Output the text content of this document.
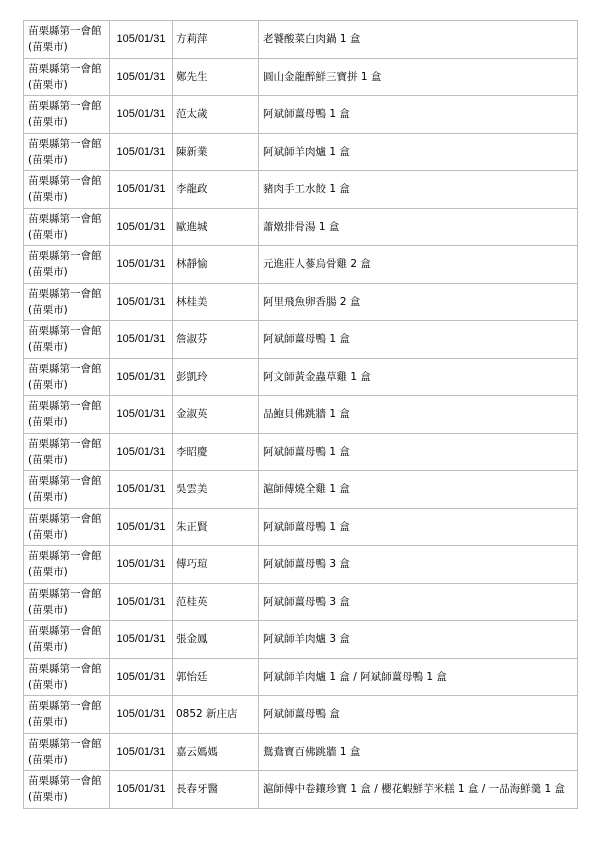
苗栗縣第一會館
(苗栗市)	105/01/31	方莉萍	老饕酸菜白肉鍋 1 盒

苗栗縣第一會館
(苗栗市)	105/01/31	鄭先生	圓山金龍醉鮮三寶拼 1 盒

苗栗縣第一會館
(苗栗市)	105/01/31	范太歲	阿斌師薑母鴨 1 盒

苗栗縣第一會館
(苗栗市)	105/01/31	陳新業	阿斌師羊肉爐 1 盒

苗栗縣第一會館
(苗栗市)	105/01/31	李龍政	豬肉手工水餃 1 盒

苗栗縣第一會館
(苗栗市)	105/01/31	歐進城	蕭燉排骨湯 1 盒

苗栗縣第一會館
(苗栗市)	105/01/31	林靜愉	元進莊人蔘烏骨雞 2 盒

苗栗縣第一會館
(苗栗市)	105/01/31	林桂美	阿里飛魚卵香腸 2 盒

苗栗縣第一會館
(苗栗市)	105/01/31	詹淑芬	阿斌師薑母鴨 1 盒

苗栗縣第一會館
(苗栗市)	105/01/31	彭凱玲	阿文師黃金蟲草雞 1 盒

苗栗縣第一會館
(苗栗市)	105/01/31	金淑英	品鮑貝佛跳牆 1 盒

苗栗縣第一會館
(苗栗市)	105/01/31	李昭慶	阿斌師薑母鴨 1 盒

苗栗縣第一會館
(苗栗市)	105/01/31	吳雲美	滬師傅燒全雞 1 盒

苗栗縣第一會館
(苗栗市)	105/01/31	朱正賢	阿斌師薑母鴨 1 盒

苗栗縣第一會館
(苗栗市)	105/01/31	傅巧瑄	阿斌師薑母鴨 3 盒

苗栗縣第一會館
(苗栗市)	105/01/31	范桂英	阿斌師薑母鴨 3 盒

苗栗縣第一會館
(苗栗市)	105/01/31	張金鳳	阿斌師羊肉爐 3 盒

苗栗縣第一會館
(苗栗市)	105/01/31	郭怡廷	阿斌師羊肉爐 1 盒 / 阿斌師薑母鴨 1 盒

苗栗縣第一會館
(苗栗市)	105/01/31	0852 新庄店	阿斌師薑母鴨 盒

苗栗縣第一會館
(苗栗市)	105/01/31	嘉云媽媽	鴛鴦寶百佛跳牆 1 盒

苗栗縣第一會館
(苗栗市)	105/01/31	長春牙醫	滬師傅中卷鑲珍寶 1 盒 / 櫻花蝦鮮芋米糕 1 盒 / 一品海鮮羹 1 盒
